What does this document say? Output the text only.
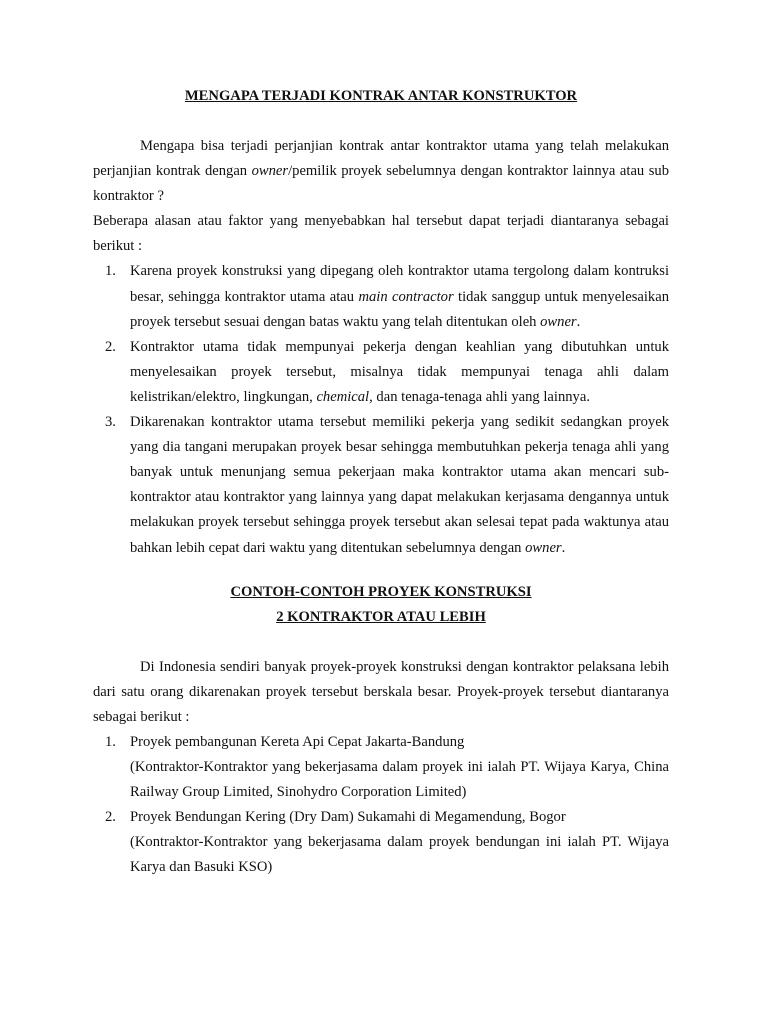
MENGAPA TERJADI KONTRAK ANTAR KONSTRUKTOR

Mengapa bisa terjadi perjanjian kontrak antar kontraktor utama yang telah melakukan perjanjian kontrak dengan owner/pemilik proyek sebelumnya dengan kontraktor lainnya atau sub kontraktor ?

Beberapa alasan atau faktor yang menyebabkan hal tersebut dapat terjadi diantaranya sebagai berikut :

1. Karena proyek konstruksi yang dipegang oleh kontraktor utama tergolong dalam kontruksi besar, sehingga kontraktor utama atau main contractor tidak sanggup untuk menyelesaikan proyek tersebut sesuai dengan batas waktu yang telah ditentukan oleh owner.
2. Kontraktor utama tidak mempunyai pekerja dengan keahlian yang dibutuhkan untuk menyelesaikan proyek tersebut, misalnya tidak mempunyai tenaga ahli dalam kelistrikan/elektro, lingkungan, chemical, dan tenaga-tenaga ahli yang lainnya.
3. Dikarenakan kontraktor utama tersebut memiliki pekerja yang sedikit sedangkan proyek yang dia tangani merupakan proyek besar sehingga membutuhkan pekerja tenaga ahli yang banyak untuk menunjang semua pekerjaan maka kontraktor utama akan mencari sub-kontraktor atau kontraktor yang lainnya yang dapat melakukan kerjasama dengannya untuk melakukan proyek tersebut sehingga proyek tersebut akan selesai tepat pada waktunya atau bahkan lebih cepat dari waktu yang ditentukan sebelumnya dengan owner.

CONTOH-CONTOH PROYEK KONSTRUKSI

2 KONTRAKTOR ATAU LEBIH

Di Indonesia sendiri banyak proyek-proyek konstruksi dengan kontraktor pelaksana lebih dari satu orang dikarenakan proyek tersebut berskala besar. Proyek-proyek tersebut diantaranya sebagai berikut :

1. Proyek pembangunan Kereta Api Cepat Jakarta-Bandung
(Kontraktor-Kontraktor yang bekerjasama dalam proyek ini ialah PT. Wijaya Karya, China Railway Group Limited, Sinohydro Corporation Limited)
2. Proyek Bendungan Kering (Dry Dam) Sukamahi di Megamendung, Bogor
(Kontraktor-Kontraktor yang bekerjasama dalam proyek bendungan ini ialah PT. Wijaya Karya dan Basuki KSO)
